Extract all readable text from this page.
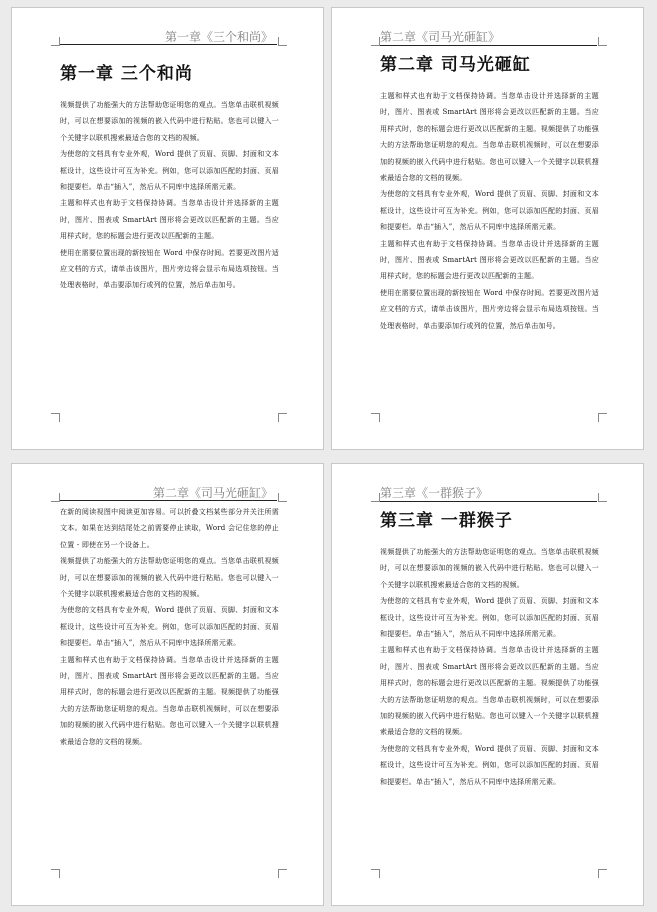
第一章《三个和尚》
第一章 三个和尚

视频提供了功能强大的方法帮助您证明您的观点。当您单击联机视频时，可以在想要添加的视频的嵌入代码中进行粘贴。您也可以键入一个关键字以联机搜索最适合您的文档的视频。

为使您的文档具有专业外观，Word 提供了页眉、页脚、封面和文本框设计，这些设计可互为补充。例如，您可以添加匹配的封面、页眉和提要栏。单击“插入”，然后从不同库中选择所需元素。

主题和样式也有助于文档保持协调。当您单击设计并选择新的主题时，图片、图表或 SmartArt 图形将会更改以匹配新的主题。当应用样式时，您的标题会进行更改以匹配新的主题。

使用在需要位置出现的新按钮在 Word 中保存时间。若要更改图片适应文档的方式，请单击该图片，图片旁边将会显示布局选项按钮。当处理表格时，单击要添加行或列的位置，然后单击加号。

第二章《司马光砸缸》
第二章 司马光砸缸

主题和样式也有助于文档保持协调。当您单击设计并选择新的主题时，图片、图表或 SmartArt 图形将会更改以匹配新的主题。当应用样式时，您的标题会进行更改以匹配新的主题。视频提供了功能强大的方法帮助您证明您的观点。当您单击联机视频时，可以在想要添加的视频的嵌入代码中进行粘贴。您也可以键入一个关键字以联机搜索最适合您的文档的视频。

为使您的文档具有专业外观，Word 提供了页眉、页脚、封面和文本框设计，这些设计可互为补充。例如，您可以添加匹配的封面、页眉和提要栏。单击“插入”，然后从不同库中选择所需元素。

主题和样式也有助于文档保持协调。当您单击设计并选择新的主题时，图片、图表或 SmartArt 图形将会更改以匹配新的主题。当应用样式时，您的标题会进行更改以匹配新的主题。

使用在需要位置出现的新按钮在 Word 中保存时间。若要更改图片适应文档的方式，请单击该图片，图片旁边将会显示布局选项按钮。当处理表格时，单击要添加行或列的位置，然后单击加号。

第二章《司马光砸缸》

在新的阅读视图中阅读更加容易。可以折叠文档某些部分并关注所需文本。如果在达到结尾处之前需要停止读取，Word 会记住您的停止位置 - 即使在另一个设备上。

视频提供了功能强大的方法帮助您证明您的观点。当您单击联机视频时，可以在想要添加的视频的嵌入代码中进行粘贴。您也可以键入一个关键字以联机搜索最适合您的文档的视频。

为使您的文档具有专业外观，Word 提供了页眉、页脚、封面和文本框设计，这些设计可互为补充。例如，您可以添加匹配的封面、页眉和提要栏。单击“插入”，然后从不同库中选择所需元素。

主题和样式也有助于文档保持协调。当您单击设计并选择新的主题时，图片、图表或 SmartArt 图形将会更改以匹配新的主题。当应用样式时，您的标题会进行更改以匹配新的主题。视频提供了功能强大的方法帮助您证明您的观点。当您单击联机视频时，可以在想要添加的视频的嵌入代码中进行粘贴。您也可以键入一个关键字以联机搜索最适合您的文档的视频。

第三章《一群猴子》
第三章 一群猴子

视频提供了功能强大的方法帮助您证明您的观点。当您单击联机视频时，可以在想要添加的视频的嵌入代码中进行粘贴。您也可以键入一个关键字以联机搜索最适合您的文档的视频。

为使您的文档具有专业外观，Word 提供了页眉、页脚、封面和文本框设计，这些设计可互为补充。例如，您可以添加匹配的封面、页眉和提要栏。单击“插入”，然后从不同库中选择所需元素。

主题和样式也有助于文档保持协调。当您单击设计并选择新的主题时，图片、图表或 SmartArt 图形将会更改以匹配新的主题。当应用样式时，您的标题会进行更改以匹配新的主题。视频提供了功能强大的方法帮助您证明您的观点。当您单击联机视频时，可以在想要添加的视频的嵌入代码中进行粘贴。您也可以键入一个关键字以联机搜索最适合您的文档的视频。

为使您的文档具有专业外观，Word 提供了页眉、页脚、封面和文本框设计，这些设计可互为补充。例如，您可以添加匹配的封面、页眉和提要栏。单击“插入”，然后从不同库中选择所需元素。
